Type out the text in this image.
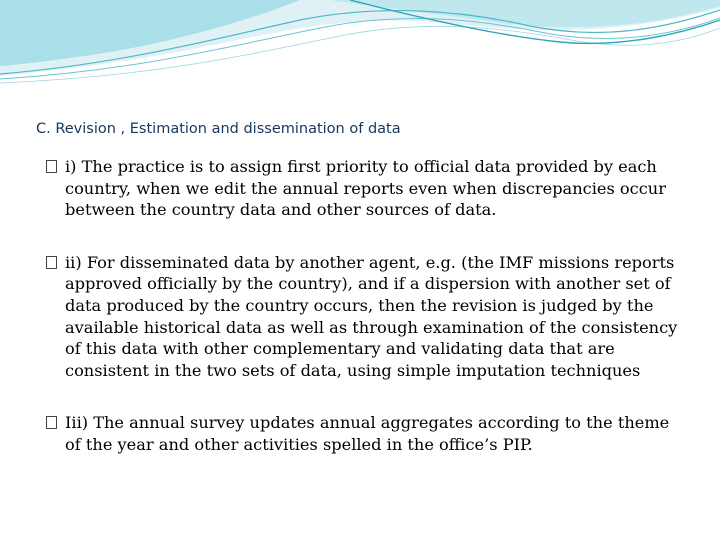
C. Revision , Estimation and dissemination of data
i) The practice is to assign first priority to official data provided by each country, when we edit the annual reports even when discrepancies occur between the country data and other sources of data.
ii) For disseminated data by another agent, e.g. (the IMF missions reports approved officially by the country), and if a dispersion with another set of data produced by the country occurs, then the revision is judged by the available historical data as well as through examination of the consistency of this data with other complementary and validating data that are consistent in the two sets of data, using simple imputation techniques
Iii) The annual survey updates annual aggregates according to the theme of the year and other activities spelled in the office’s PIP.
